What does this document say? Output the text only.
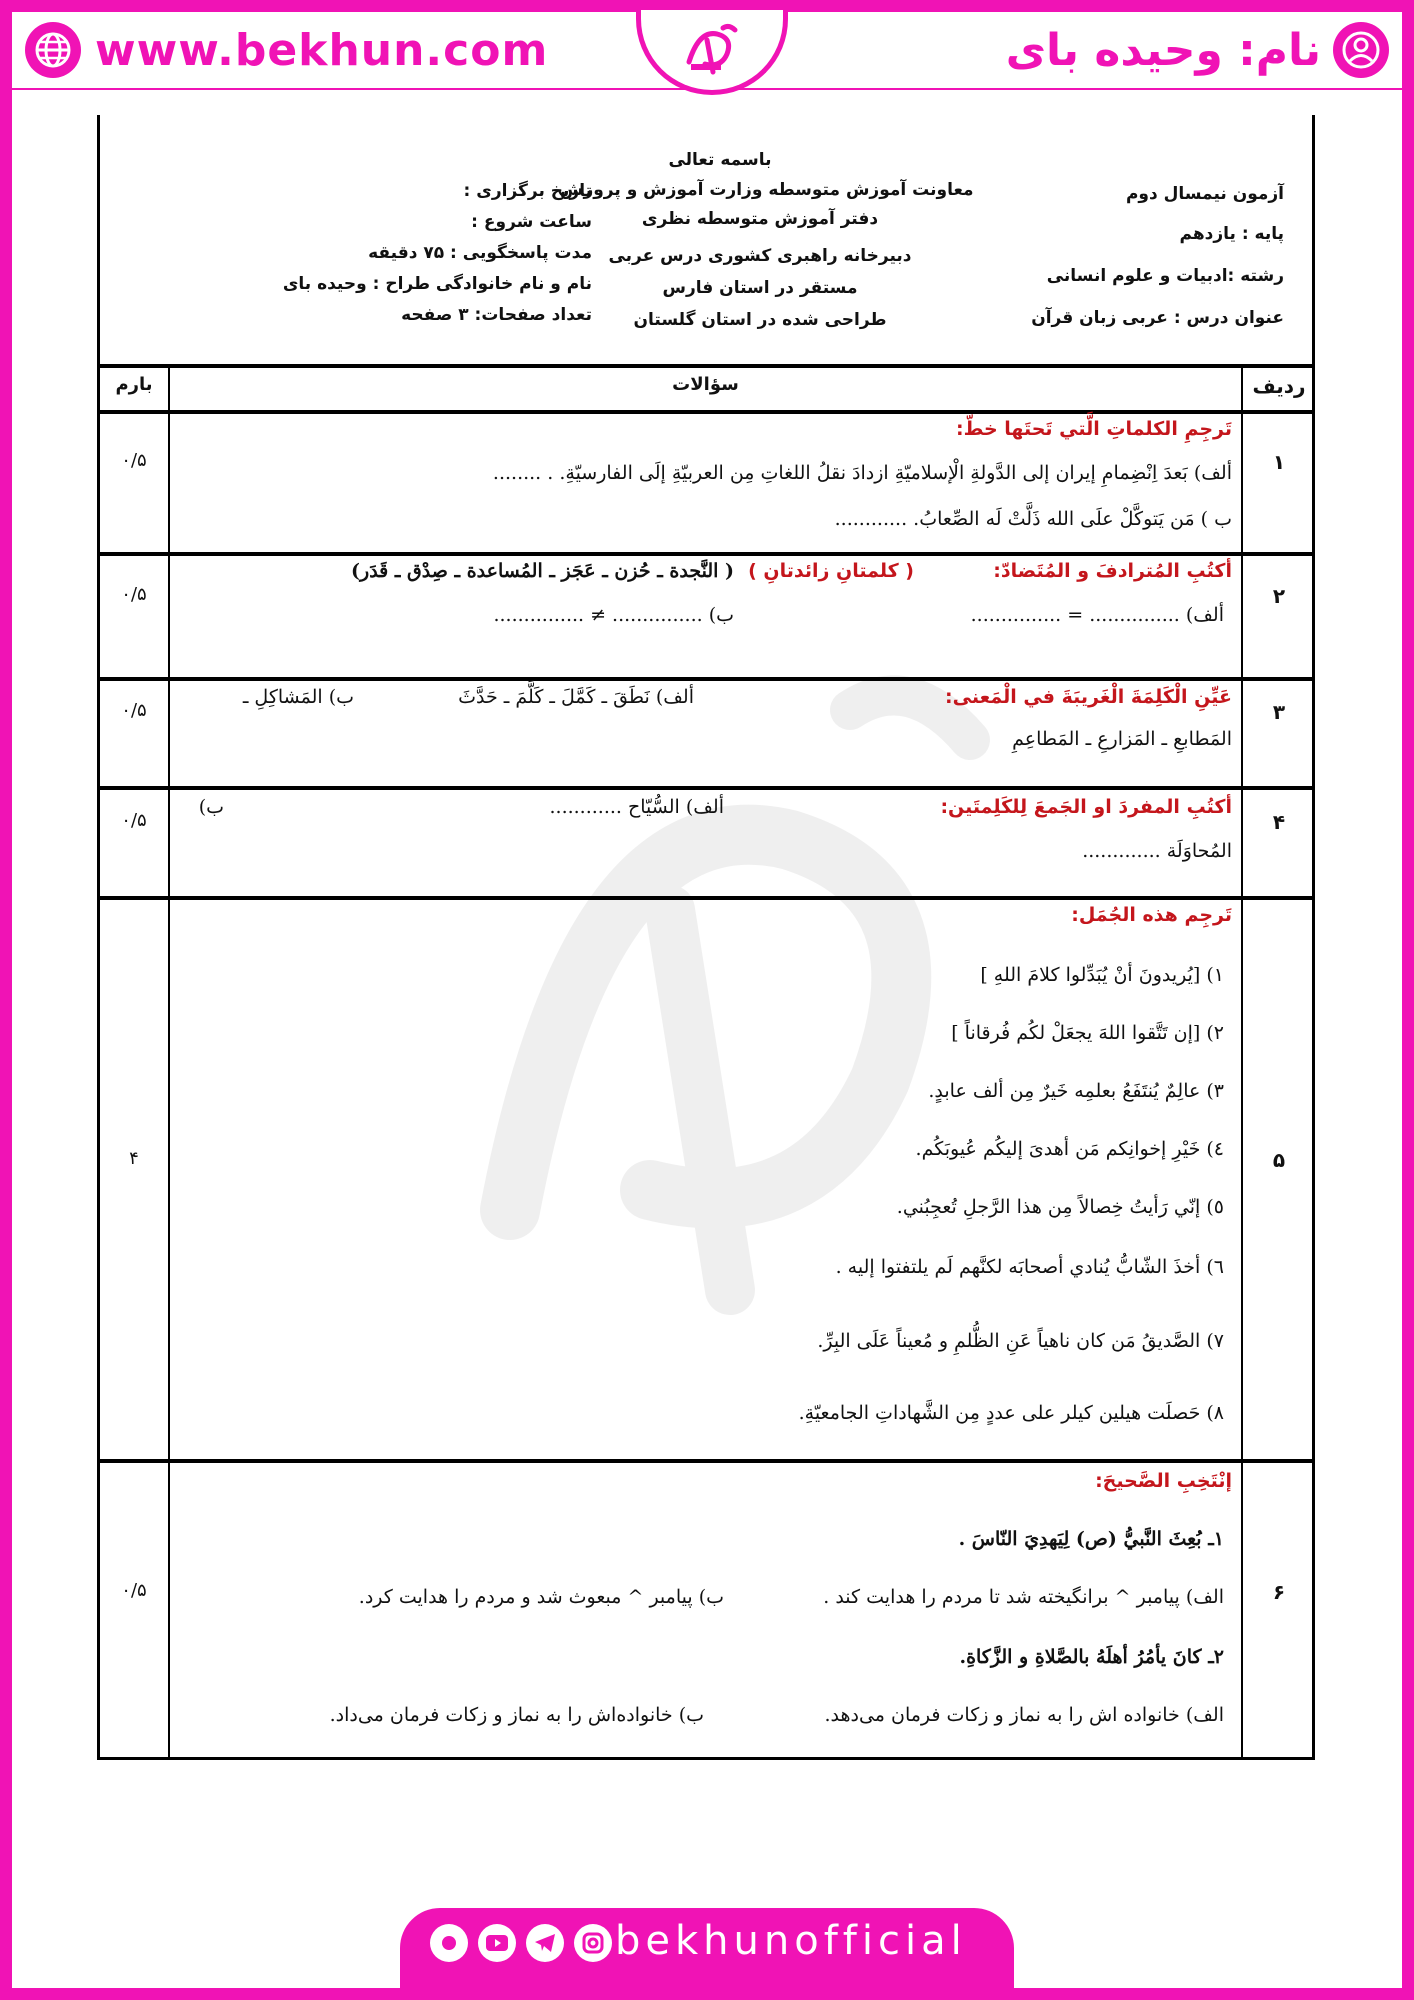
www.bekhun.com	نام: وحیده بای
باسمه تعالی
معاونت آموزش متوسطه وزارت آموزش و پرورش
دفتر آموزش متوسطه نظری
دبیرخانه راهبری کشوری درس عربی
مستقر در استان فارس
طراحی شده در استان گلستان
آزمون نیمسال دوم
پایه : یازدهم
رشته :ادبیات و علوم انسانی
عنوان درس : عربی زبان قرآن
تاریخ برگزاری :
ساعت شروع :
مدت پاسخگویی : ۷۵ دقیقه
نام و نام خانوادگی طراح : وحیده بای
تعداد صفحات: ۳ صفحه
ردیف
سؤالات
بارم
۱
۰/۵
تَرجِمِ الکلماتِ الَّتي تَحتَها خطّ:
ألف) بَعدَ اِنْضِمامِ إيران إلى الدَّولةِ الْإسلاميّةِ ازدادَ نقلُ اللغاتِ مِن العربيّةِ إلَى الفارسيّةِ. . ........
ب ) مَن يَتوكَّلْ علَى الله ذَلَّتْ لَه الصِّعابُ. ............
۲
۰/۵
أكتُبِ المُترادفَ و المُتَضادّ:
( كلمتانِ زائدتانِ )
( النَّجدة ـ حُزن ـ عَجَز ـ المُساعدة ـ صِدْق ـ قَدَر)
ألف) ............... = ...............
ب) ............... ≠ ...............
۳
۰/۵
عَيِّنِ الْكَلِمَةَ الْغَريبَةَ في الْمَعنى:
ألف) نَطَقَ ـ كَمَّلَ ـ كَلَّمَ ـ حَدَّثَ
ب) المَشاكِلِ ـ
المَطابعِ ـ المَزارعِ ـ المَطاعِمِ
۴
۰/۵
أكتُبِ المفردَ او الجَمعَ لِلكَلِمتَين:
ألف) السُّيّاح ............
ب)
المُحاوَلَة .............
۵
۴
تَرجِم هذه الجُمَل:
١) [يُريدونَ أنْ يُبَدِّلوا كلامَ اللهِ ]
٢) [إن تَتَّقوا اللهَ يجعَلْ لكُم فُرقاناً ]
٣) عالِمٌ يُنتَفَعُ بعلمِه خَيرٌ مِن ألف عابدٍ.
٤) خَيْرِ إخوانِكم مَن أهدىَ إليكُم عُيوبَكُم.
٥) إنّي رَأيتُ خِصالاً مِن هذا الرَّجلِ تُعجِبُني.
٦) أخذَ الشّابُّ يُنادي أصحابَه لكنَّهم لَم يلتفتوا إليه .
٧) الصَّديقُ مَن كان ناهياً عَنِ الظُّلمِ و مُعيناً عَلَى البِرِّ.
٨) حَصلَت هيلين كيلر على عددٍ مِن الشَّهاداتِ الجامعيّةِ.
۶
۰/۵
إنْتَخِبِ الصَّحيحَ:
١ـ بُعِثَ النَّبيُّ (ص) لِيَهدِيَ النّاسَ .
الف) پیامبر ^ برانگیخته شد تا مردم را هدایت کند .
ب) پیامبر ^ مبعوث شد و مردم را هدایت کرد.
٢ـ كانَ يأمُرُ أهلَهُ بالصَّلاةِ و الزَّكاةِ.
الف) خانواده اش را به نماز و زکات فرمان می‌دهد.
ب) خانواده‌اش را به نماز و زکات فرمان می‌داد.
bekhunofficial
